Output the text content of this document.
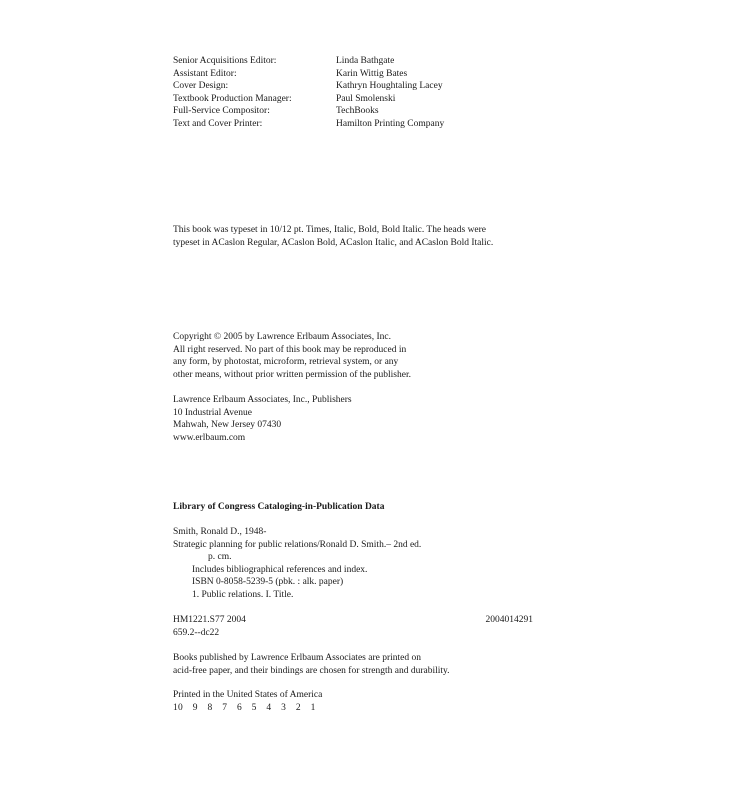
Senior Acquisitions Editor:	Linda Bathgate
Assistant Editor:	Karin Wittig Bates
Cover Design:	Kathryn Houghtaling Lacey
Textbook Production Manager:	Paul Smolenski
Full-Service Compositor:	TechBooks
Text and Cover Printer:	Hamilton Printing Company
This book was typeset in 10/12 pt. Times, Italic, Bold, Bold Italic. The heads were
typeset in ACaslon Regular, ACaslon Bold, ACaslon Italic, and ACaslon Bold Italic.
Copyright © 2005 by Lawrence Erlbaum Associates, Inc.
All right reserved. No part of this book may be reproduced in
any form, by photostat, microform, retrieval system, or any
other means, without prior written permission of the publisher.
Lawrence Erlbaum Associates, Inc., Publishers
10 Industrial Avenue
Mahwah, New Jersey 07430
www.erlbaum.com
Library of Congress Cataloging-in-Publication Data
Smith, Ronald D., 1948-
Strategic planning for public relations/Ronald D. Smith.– 2nd ed.
p. cm.
Includes bibliographical references and index.
ISBN 0-8058-5239-5 (pbk. : alk. paper)
1. Public relations. I. Title.
HM1221.S77 2004	2004014291
659.2--dc22
Books published by Lawrence Erlbaum Associates are printed on
acid-free paper, and their bindings are chosen for strength and durability.
Printed in the United States of America
10 9 8 7 6 5 4 3 2 1
